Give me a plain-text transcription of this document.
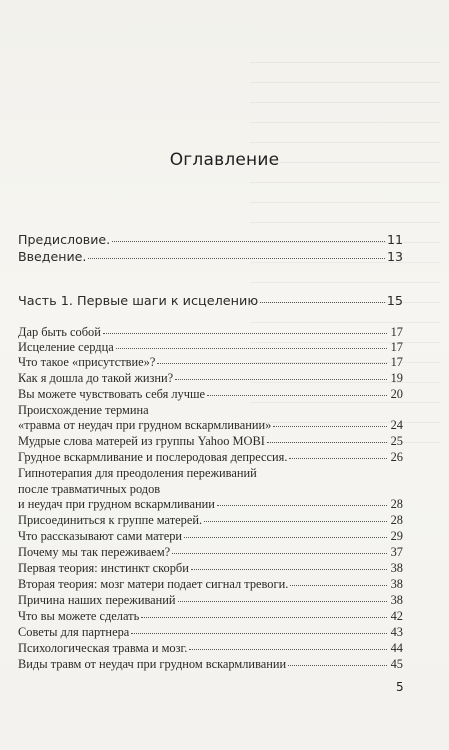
Оглавление
Предисловие.	11
Введение.	13
Часть 1. Первые шаги к исцелению	15
Дар быть собой	17
Исцеление сердца	17
Что такое «присутствие»?	17
Как я дошла до такой жизни?	19
Вы можете чувствовать себя лучше	20
Происхождение термина
«травма от неудач при грудном вскармливании»	24
Мудрые слова матерей из группы Yahoo MOBI	25
Грудное вскармливание и послеродовая депрессия.	26
Гипнотерапия для преодоления переживаний
после травматичных родов
и неудач при грудном вскармливании	28
Присоединиться к группе матерей.	28
Что рассказывают сами матери	29
Почему мы так переживаем?	37
Первая теория: инстинкт скорби	38
Вторая теория: мозг матери подает сигнал тревоги.	38
Причина наших переживаний	38
Что вы можете сделать	42
Советы для партнера	43
Психологическая травма и мозг.	44
Виды травм от неудач при грудном вскармливании	45
5
